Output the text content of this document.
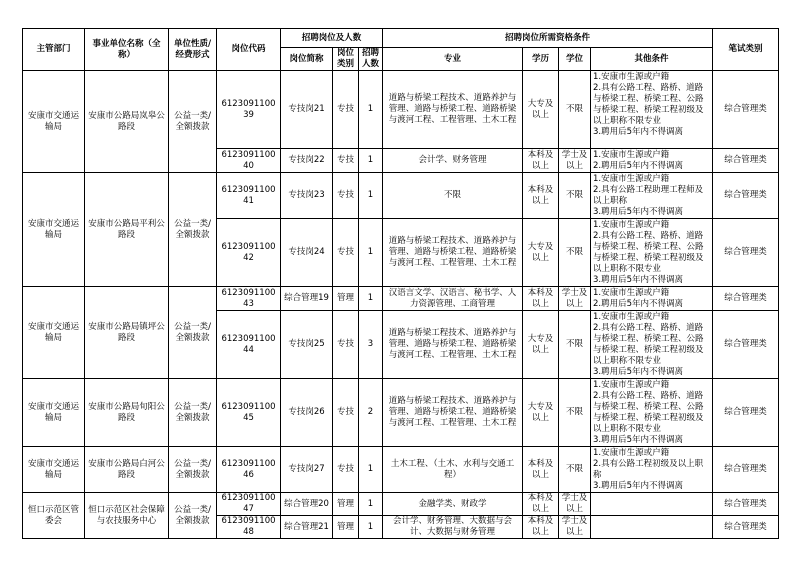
主管部门	事业单位名称（全称）	单位性质/经费形式	岗位代码	招聘岗位及人数			招聘岗位所需资格条件				笔试类别
				岗位简称	岗位类别	招聘人数	专业	学历	学位	其他条件	
安康市交通运输局	安康市公路局岚皋公路段	公益一类/全额拨款	612309110039	专技岗21	专技	1	道路与桥梁工程技术、道路养护与管理、道路与桥梁工程、道路桥梁与渡河工程、工程管理、土木工程	大专及以上	不限	1.安康市生源或户籍
2.具有公路工程、路桥、道路与桥梁工程、桥梁工程、公路与桥梁工程、桥梁工程初级及以上职称不限专业
3.聘用后5年内不得调离	综合管理类
			612309110040	专技岗22	专技	1	会计学、财务管理	本科及以上	学士及以上	1.安康市生源或户籍
2.聘用后5年内不得调离	综合管理类
安康市交通运输局	安康市公路局平利公路段	公益一类/全额拨款	612309110041	专技岗23	专技	1	不限	本科及以上	不限	1.安康市生源或户籍
2.具有公路工程助理工程师及以上职称
3.聘用后5年内不得调离	综合管理类
			612309110042	专技岗24	专技	1	道路与桥梁工程技术、道路养护与管理、道路与桥梁工程、道路桥梁与渡河工程、工程管理、土木工程	大专及以上	不限	1.安康市生源或户籍
2.具有公路工程、路桥、道路与桥梁工程、桥梁工程、公路与桥梁工程、桥梁工程初级及以上职称不限专业
3.聘用后5年内不得调离	综合管理类
安康市交通运输局	安康市公路局镇坪公路段	公益一类/全额拨款	612309110043	综合管理19	管理	1	汉语言文学、汉语言、秘书学、人力资源管理、工商管理	本科及以上	学士及以上	1.安康市生源或户籍
2.聘用后5年内不得调离	综合管理类
			612309110044	专技岗25	专技	3	道路与桥梁工程技术、道路养护与管理、道路与桥梁工程、道路桥梁与渡河工程、工程管理、土木工程	大专及以上	不限	1.安康市生源或户籍
2.具有公路工程、路桥、道路与桥梁工程、桥梁工程、公路与桥梁工程、桥梁工程初级及以上职称不限专业
3.聘用后5年内不得调离	综合管理类
安康市交通运输局	安康市公路局旬阳公路段	公益一类/全额拨款	612309110045	专技岗26	专技	2	道路与桥梁工程技术、道路养护与管理、道路与桥梁工程、道路桥梁与渡河工程、工程管理、土木工程	大专及以上	不限	1.安康市生源或户籍
2.具有公路工程、路桥、道路与桥梁工程、桥梁工程、公路与桥梁工程、桥梁工程初级及以上职称不限专业
3.聘用后5年内不得调离	综合管理类
安康市交通运输局	安康市公路局白河公路段	公益一类/全额拨款	612309110046	专技岗27	专技	1	土木工程、（土木、水利与交通工程）	本科及以上	不限	1.安康市生源或户籍
2.具有公路工程初级及以上职称
3.聘用后5年内不得调离	综合管理类
恒口示范区管委会	恒口示范区社会保障与农技服务中心	公益一类/全额拨款	612309110047	综合管理20	管理	1	金融学类、财政学	本科及以上	学士及以上		综合管理类
			612309110048	综合管理21	管理	1	会计学、财务管理、大数据与会计、大数据与财务管理	本科及以上	学士及以上		综合管理类
